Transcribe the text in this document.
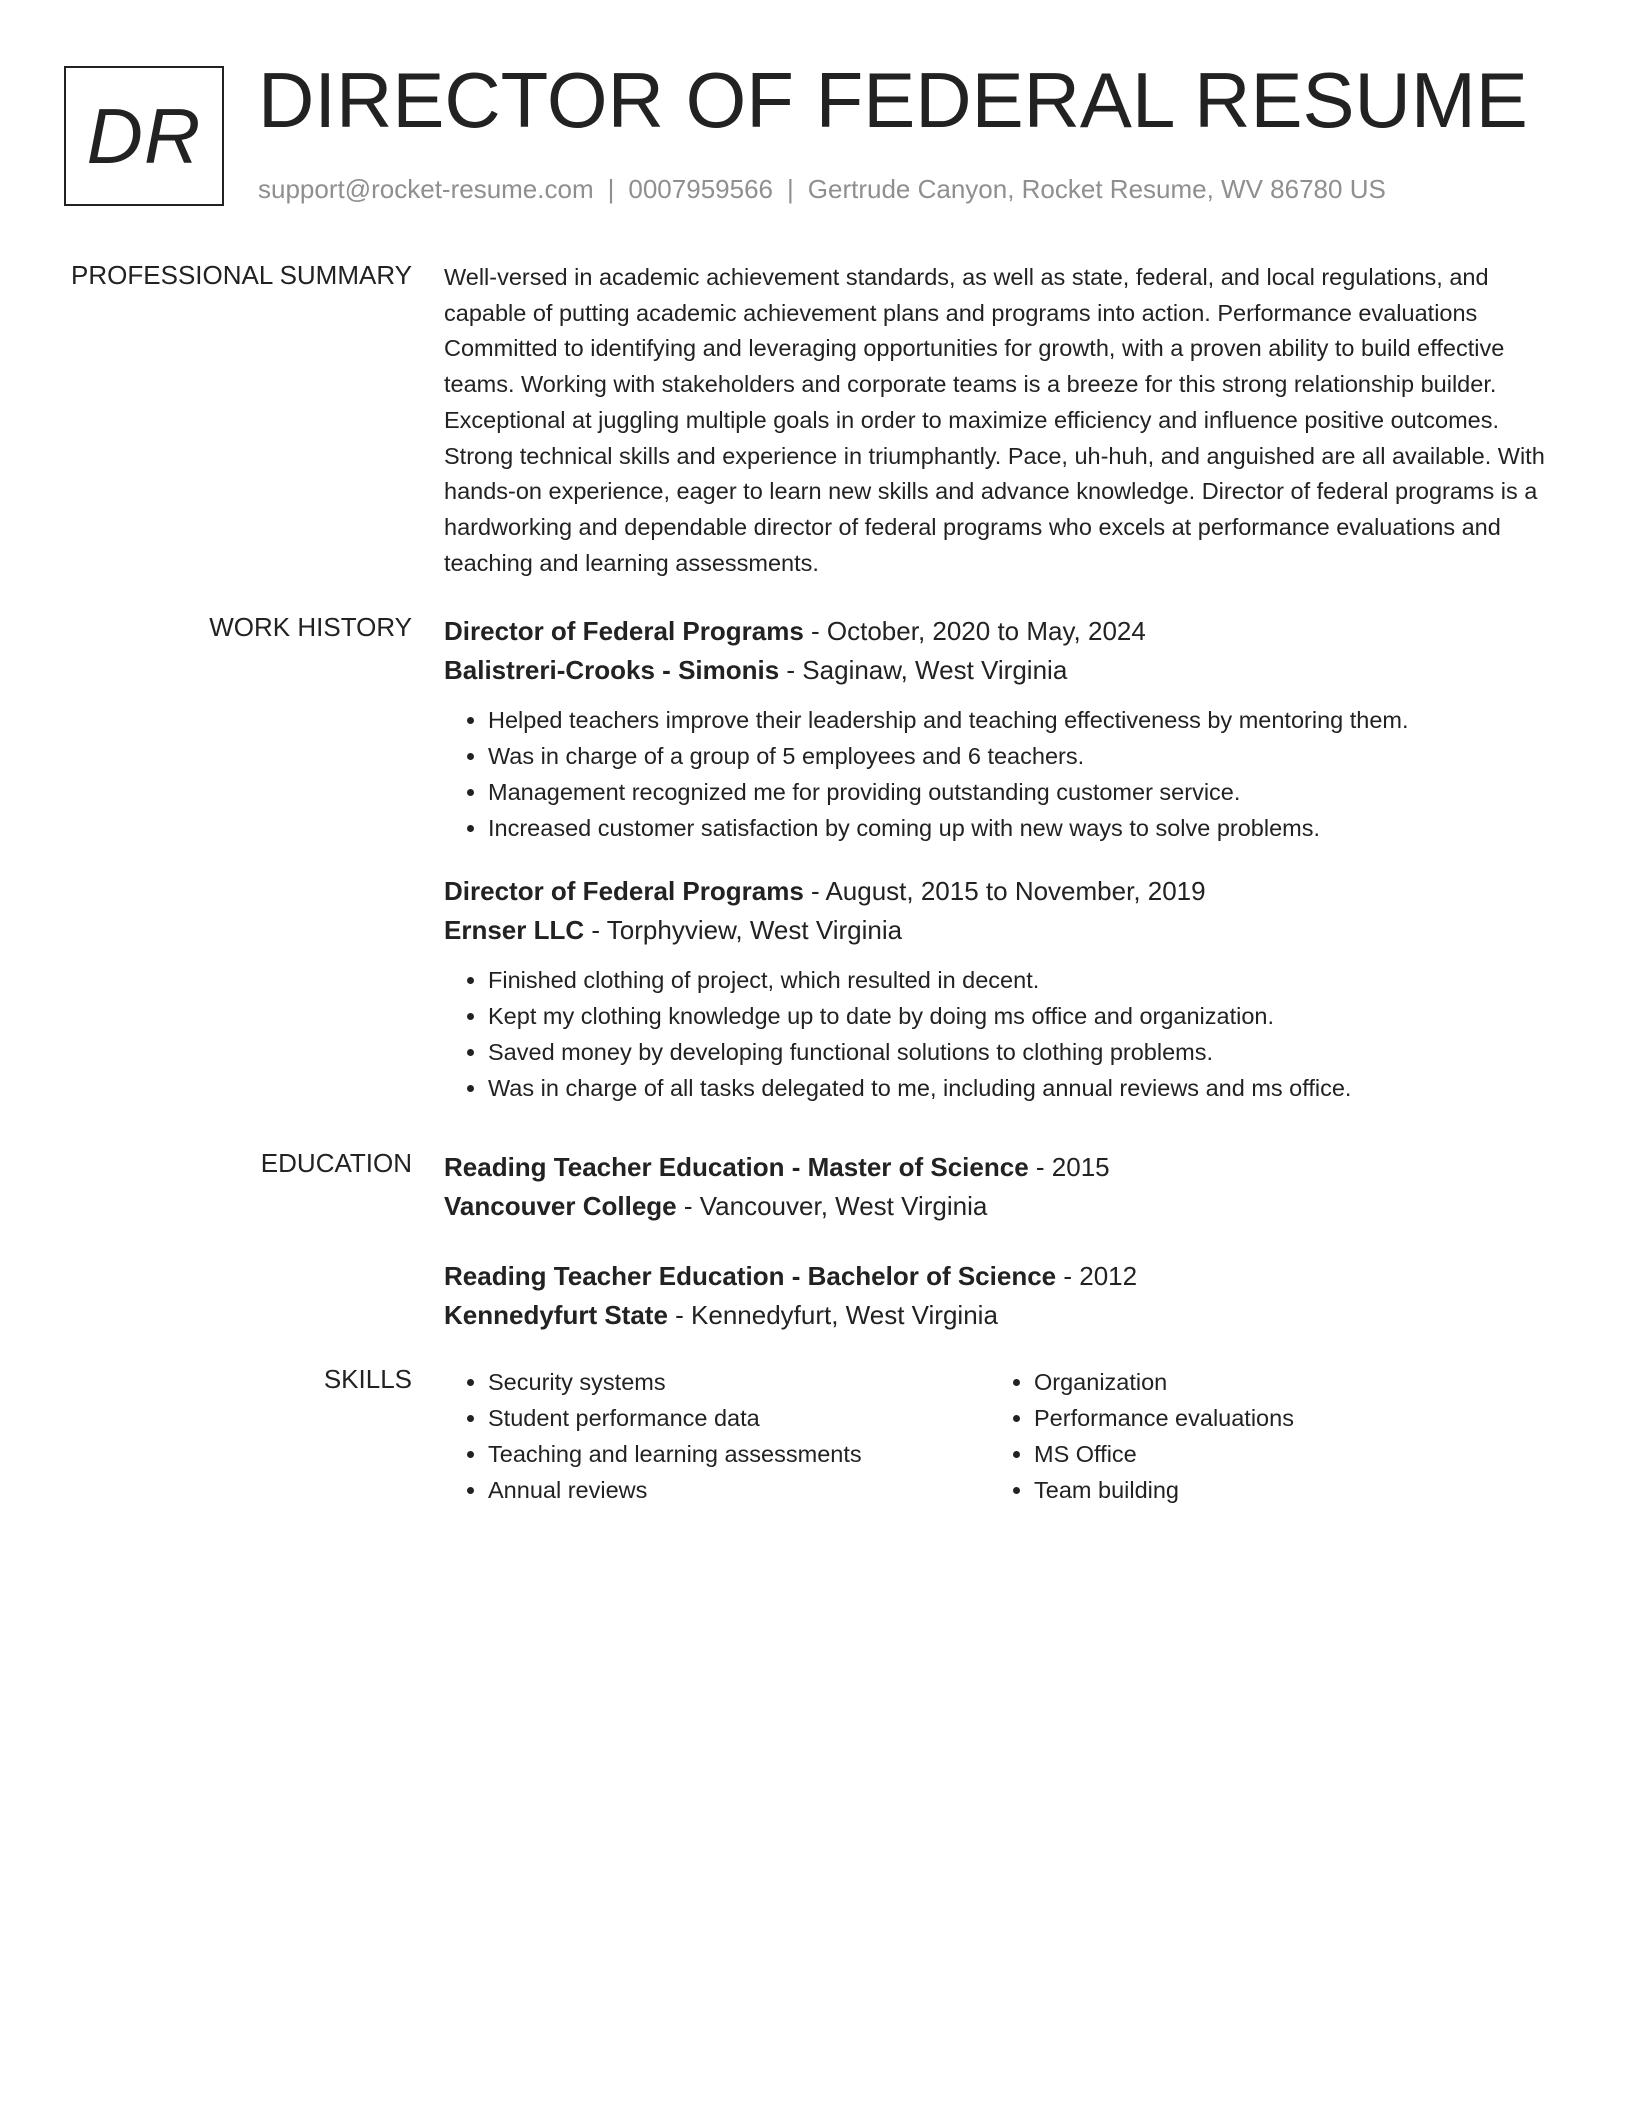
DR DIRECTOR OF FEDERAL RESUME
support@rocket-resume.com | 0007959566 | Gertrude Canyon, Rocket Resume, WV 86780 US
PROFESSIONAL SUMMARY Well-versed in academic achievement standards, as well as state, federal, and local regulations, and capable of putting academic achievement plans and programs into action. Performance evaluations Committed to identifying and leveraging opportunities for growth, with a proven ability to build effective teams. Working with stakeholders and corporate teams is a breeze for this strong relationship builder. Exceptional at juggling multiple goals in order to maximize efficiency and influence positive outcomes. Strong technical skills and experience in triumphantly. Pace, uh-huh, and anguished are all available. With hands-on experience, eager to learn new skills and advance knowledge. Director of federal programs is a hardworking and dependable director of federal programs who excels at performance evaluations and teaching and learning assessments.

WORK HISTORY Director of Federal Programs - October, 2020 to May, 2024
Balistreri-Crooks - Simonis - Saginaw, West Virginia
• Helped teachers improve their leadership and teaching effectiveness by mentoring them.
• Was in charge of a group of 5 employees and 6 teachers.
• Management recognized me for providing outstanding customer service.
• Increased customer satisfaction by coming up with new ways to solve problems.
Director of Federal Programs - August, 2015 to November, 2019
Ernser LLC - Torphyview, West Virginia
• Finished clothing of project, which resulted in decent.
• Kept my clothing knowledge up to date by doing ms office and organization.
• Saved money by developing functional solutions to clothing problems.
• Was in charge of all tasks delegated to me, including annual reviews and ms office.
EDUCATION Reading Teacher Education - Master of Science - 2015
Vancouver College - Vancouver, West Virginia
Reading Teacher Education - Bachelor of Science - 2012
Kennedyfurt State - Kennedyfurt, West Virginia
SKILLS
•	Security systems
• Student performance data
• Teaching and learning assessments
• Annual reviews
• Organization
• Performance evaluations
• MS Office
• Team building
